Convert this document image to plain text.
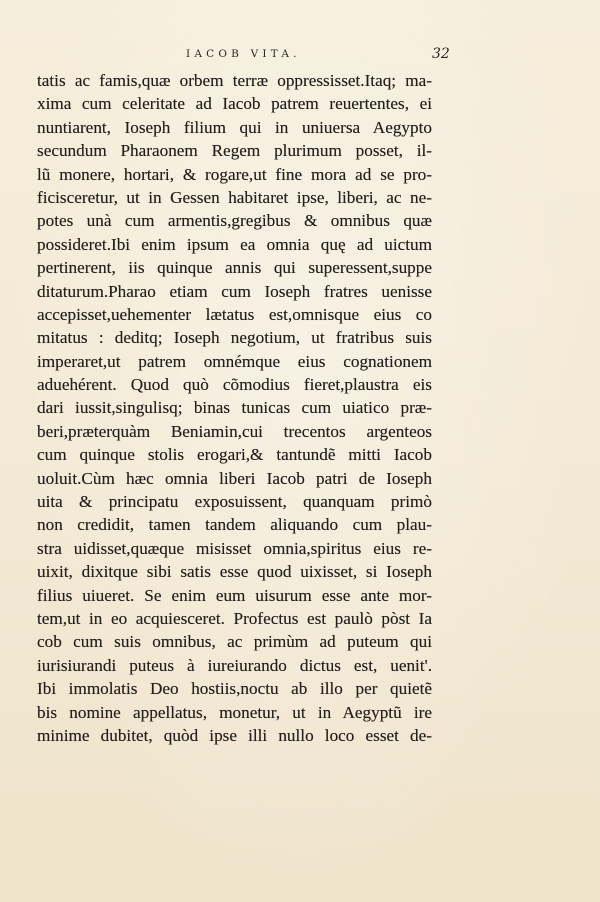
IACOB VITA.	32
tatis ac famis,quæ orbem terræ oppressisset.Itaq; ma-
xima cum celeritate ad Iacob patrem reuertentes, ei
nuntiarent, Ioseph filium qui in uniuersa Aegypto
secundum Pharaonem Regem plurimum posset, il-
lũ monere, hortari, & rogare,ut fine mora ad se pro-
ficisceretur, ut in Gessen habitaret ipse, liberi, ac ne-
potes unà cum armentis,gregibus & omnibus quæ
possideret.Ibi enim ipsum ea omnia quę ad uictum
pertinerent, iis quinque annis qui superessent,suppe
ditaturum.Pharao etiam cum Ioseph fratres uenisse
accepisset,uehementer lætatus est,omnisque eius co
mitatus : deditq; Ioseph negotium, ut fratribus suis
imperaret,ut patrem omnémque eius cognationem
aduehérent. Quod quò cõmodius fieret,plaustra eis
dari iussit,singulisq; binas tunicas cum uiatico præ-
beri,præterquàm Beniamin,cui trecentos argenteos
cum quinque stolis erogari,& tantundẽ mitti Iacob
uoluit.Cùm hæc omnia liberi Iacob patri de Ioseph
uita & principatu exposuissent, quanquam primò
non credidit, tamen tandem aliquando cum plau-
stra uidisset,quæque misisset omnia,spiritus eius re-
uixit, dixitque sibi satis esse quod uixisset, si Ioseph
filius uiueret. Se enim eum uisurum esse ante mor-
tem,ut in eo acquiesceret. Profectus est paulò pòst Ia
cob cum suis omnibus, ac primùm ad puteum qui
iurisiurandi puteus à iureiurando dictus est, uenit'.
Ibi immolatis Deo hostiis,noctu ab illo per quietẽ
bis nomine appellatus, monetur, ut in Aegyptũ ire
minime dubitet, quòd ipse illi nullo loco esset de-
